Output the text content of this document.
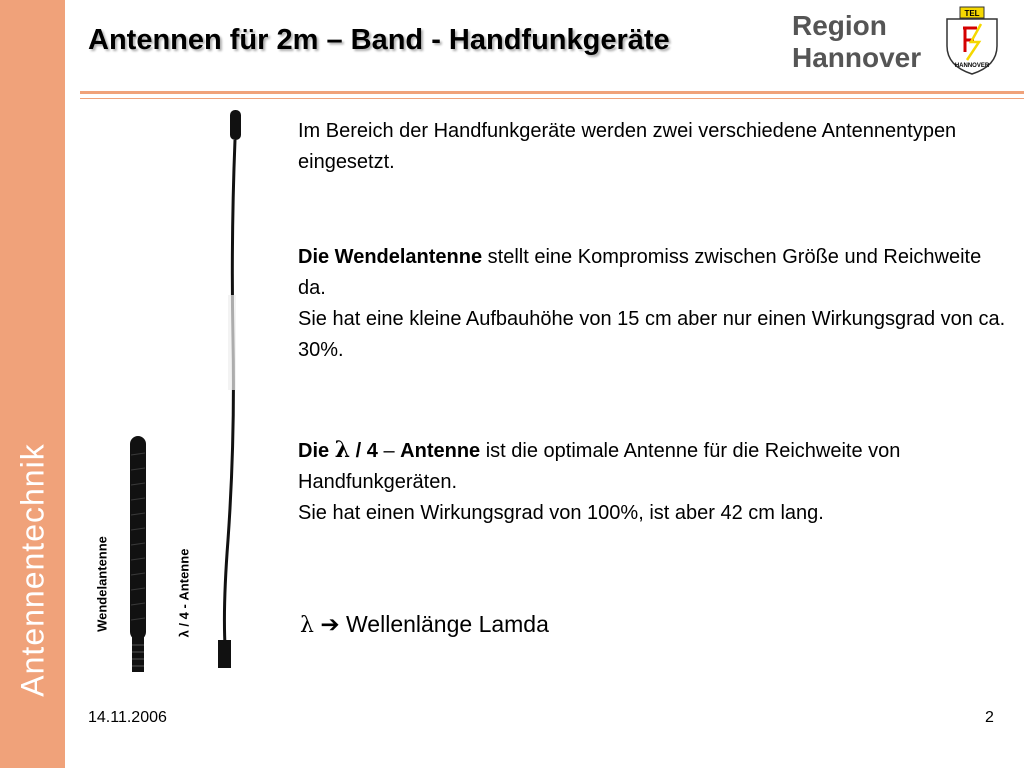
Antennentechnik
Antennen für 2m – Band - Handfunkgeräte	Region
Hannover
TEL
HANNOVER
Wendelantenne	λ / 4 - Antenne

Im Bereich der Handfunkgeräte werden zwei verschiedene Antennentypen eingesetzt.

Die Wendelantenne stellt eine Kompromiss zwischen Größe und Reichweite da.
Sie hat eine kleine Aufbauhöhe von 15 cm aber nur einen Wirkungsgrad von ca. 30%.

Die λ / 4 – Antenne ist die optimale Antenne für die Reichweite von Handfunkgeräten.
Sie hat einen Wirkungsgrad von 100%, ist aber 42 cm lang.

λ ➔ Wellenlänge Lamda
14.11.2006	2
